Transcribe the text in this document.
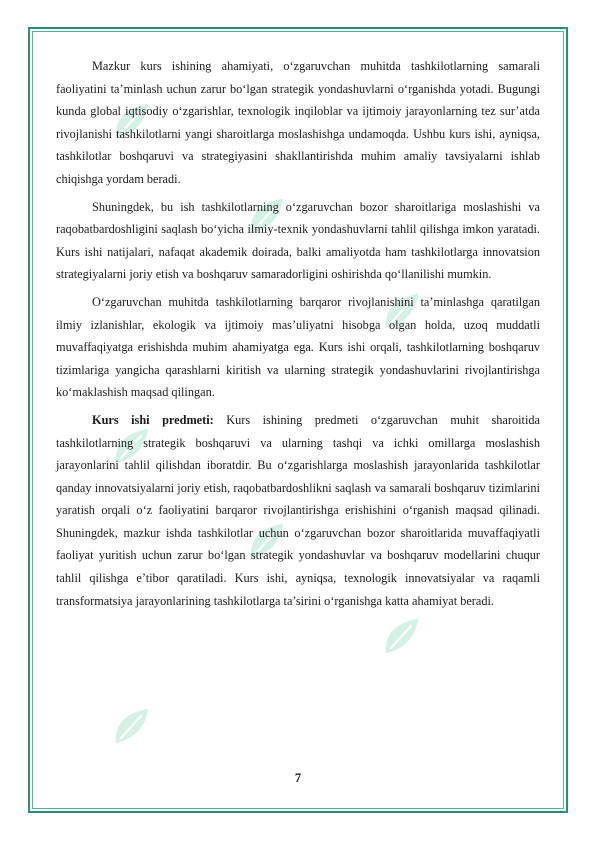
Mazkur kurs ishining ahamiyati, o‘zgaruvchan muhitda tashkilotlarning samarali faoliyatini ta’minlash uchun zarur bo‘lgan strategik yondashuvlarni o‘rganishda yotadi. Bugungi kunda global iqtisodiy o‘zgarishlar, texnologik inqiloblar va ijtimoiy jarayonlarning tez sur’atda rivojlanishi tashkilotlarni yangi sharoitlarga moslashishga undamoqda. Ushbu kurs ishi, ayniqsa, tashkilotlar boshqaruvi va strategiyasini shakllantirishda muhim amaliy tavsiyalarni ishlab chiqishga yordam beradi.

Shuningdek, bu ish tashkilotlarning o‘zgaruvchan bozor sharoitlariga moslashishi va raqobatbardoshligini saqlash bo‘yicha ilmiy-texnik yondashuvlarni tahlil qilishga imkon yaratadi. Kurs ishi natijalari, nafaqat akademik doirada, balki amaliyotda ham tashkilotlarga innovatsion strategiyalarni joriy etish va boshqaruv samaradorligini oshirishda qo‘llanilishi mumkin.

O‘zgaruvchan muhitda tashkilotlarning barqaror rivojlanishini ta’minlashga qaratilgan ilmiy izlanishlar, ekologik va ijtimoiy mas’uliyatni hisobga olgan holda, uzoq muddatli muvaffaqiyatga erishishda muhim ahamiyatga ega. Kurs ishi orqali, tashkilotlarning boshqaruv tizimlariga yangicha qarashlarni kiritish va ularning strategik yondashuvlarini rivojlantirishga ko‘maklashish maqsad qilingan.

Kurs ishi predmeti: Kurs ishining predmeti o‘zgaruvchan muhit sharoitida tashkilotlarning strategik boshqaruvi va ularning tashqi va ichki omillarga moslashish jarayonlarini tahlil qilishdan iboratdir. Bu o‘zgarishlarga moslashish jarayonlarida tashkilotlar qanday innovatsiyalarni joriy etish, raqobatbardoshlikni saqlash va samarali boshqaruv tizimlarini yaratish orqali o‘z faoliyatini barqaror rivojlantirishga erishishini o‘rganish maqsad qilinadi. Shuningdek, mazkur ishda tashkilotlar uchun o‘zgaruvchan bozor sharoitlarida muvaffaqiyatli faoliyat yuritish uchun zarur bo‘lgan strategik yondashuvlar va boshqaruv modellarini chuqur tahlil qilishga e’tibor qaratiladi. Kurs ishi, ayniqsa, texnologik innovatsiyalar va raqamli transformatsiya jarayonlarining tashkilotlarga ta’sirini o‘rganishga katta ahamiyat beradi.

7
